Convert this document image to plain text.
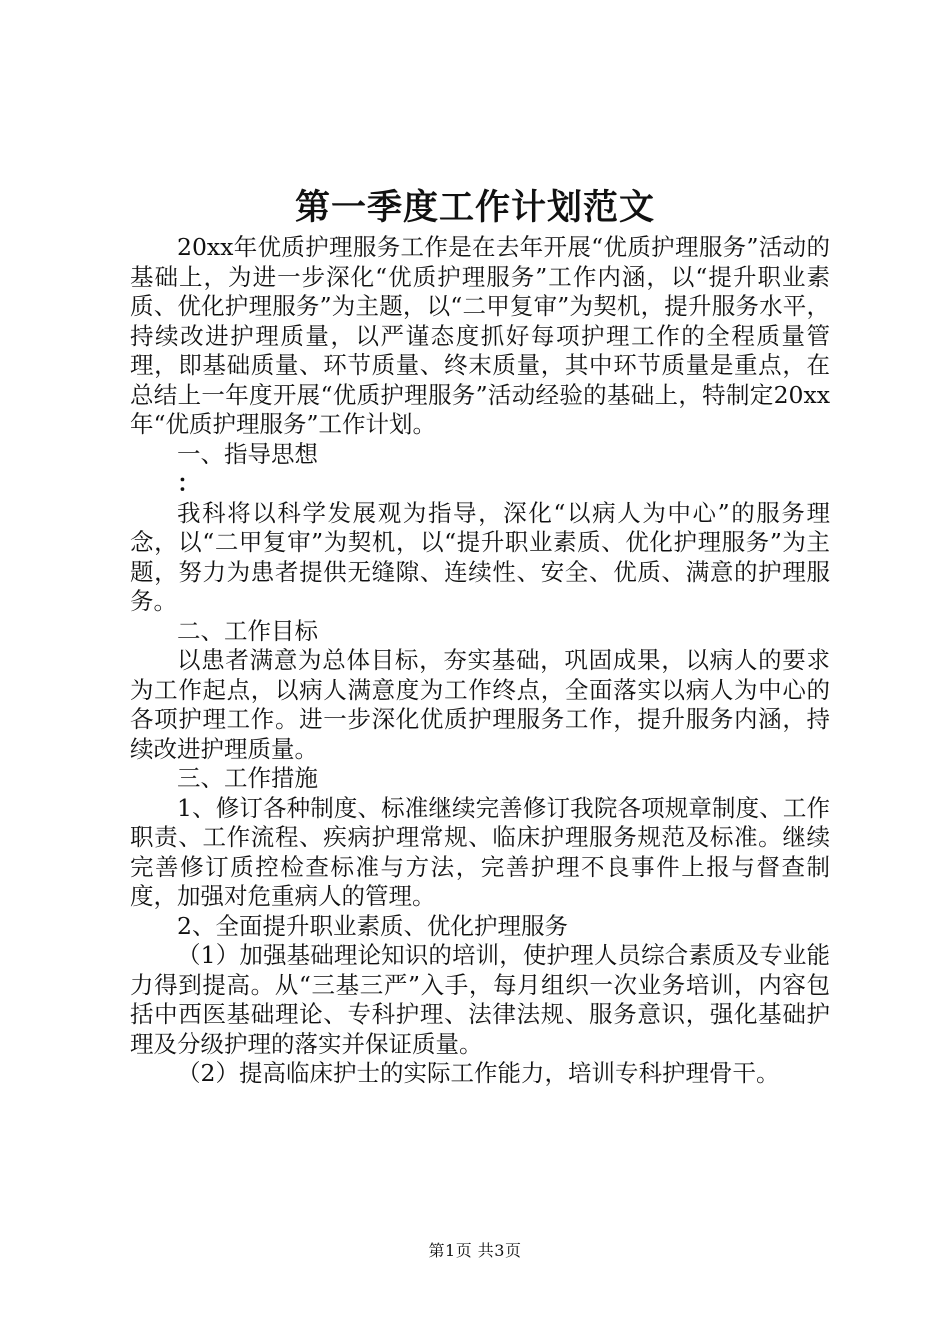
第一季度工作计划范文

20xx年优质护理服务工作是在去年开展“优质护理服务”活动的基础上，为进一步深化“优质护理服务”工作内涵，以“提升职业素质、优化护理服务”为主题，以“二甲复审”为契机，提升服务水平，持续改进护理质量，以严谨态度抓好每项护理工作的全程质量管理，即基础质量、环节质量、终末质量，其中环节质量是重点，在总结上一年度开展“优质护理服务”活动经验的基础上，特制定20xx年“优质护理服务”工作计划。

一、指导思想

：

我科将以科学发展观为指导，深化“以病人为中心”的服务理念，以“二甲复审”为契机，以“提升职业素质、优化护理服务”为主题，努力为患者提供无缝隙、连续性、安全、优质、满意的护理服务。

二、工作目标

以患者满意为总体目标，夯实基础，巩固成果，以病人的要求为工作起点，以病人满意度为工作终点，全面落实以病人为中心的各项护理工作。进一步深化优质护理服务工作，提升服务内涵，持续改进护理质量。

三、工作措施

1、修订各种制度、标准继续完善修订我院各项规章制度、工作职责、工作流程、疾病护理常规、临床护理服务规范及标准。继续完善修订质控检查标准与方法，完善护理不良事件上报与督查制度，加强对危重病人的管理。

2、全面提升职业素质、优化护理服务

（1）加强基础理论知识的培训，使护理人员综合素质及专业能力得到提高。从“三基三严”入手，每月组织一次业务培训，内容包括中西医基础理论、专科护理、法律法规、服务意识，强化基础护理及分级护理的落实并保证质量。

（2）提高临床护士的实际工作能力，培训专科护理骨干。

第1页 共3页
